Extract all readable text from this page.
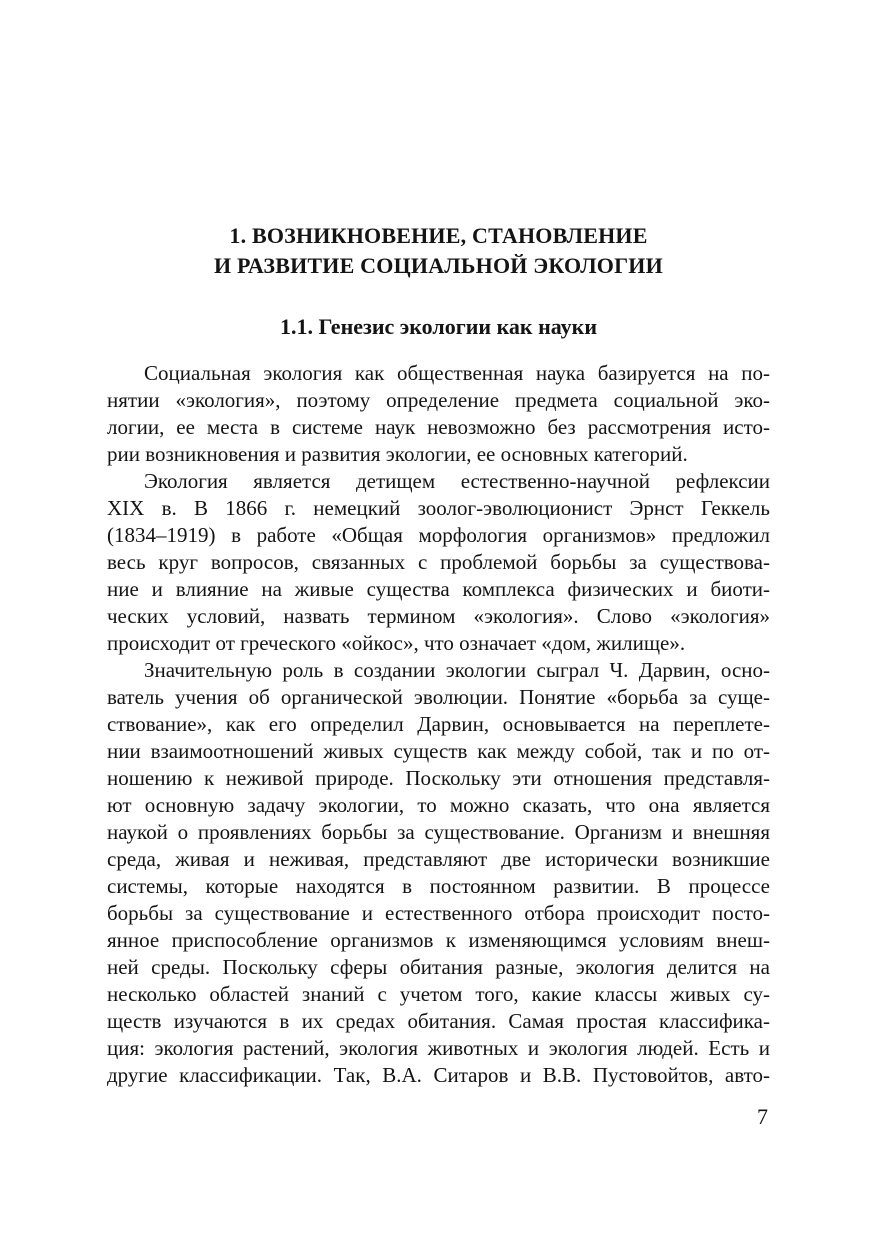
1. ВОЗНИКНОВЕНИЕ, СТАНОВЛЕНИЕ
И РАЗВИТИЕ СОЦИАЛЬНОЙ ЭКОЛОГИИ
1.1. Генезис экологии как науки
Социальная экология как общественная наука базируется на по-
нятии «экология», поэтому определение предмета социальной эко-
логии, ее места в системе наук невозможно без рассмотрения исто-
рии возникновения и развития экологии, ее основных категорий.
Экология является детищем естественно-научной рефлексии
XIX в. В 1866 г. немецкий зоолог-эволюционист Эрнст Геккель
(1834–1919) в работе «Общая морфология организмов» предложил
весь круг вопросов, связанных с проблемой борьбы за существова-
ние и влияние на живые существа комплекса физических и биоти-
ческих условий, назвать термином «экология». Слово «экология»
происходит от греческого «ойкос», что означает «дом, жилище».
Значительную роль в создании экологии сыграл Ч. Дарвин, осно-
ватель учения об органической эволюции. Понятие «борьба за суще-
ствование», как его определил Дарвин, основывается на переплете-
нии взаимоотношений живых существ как между собой, так и по от-
ношению к неживой природе. Поскольку эти отношения представля-
ют основную задачу экологии, то можно сказать, что она является
наукой о проявлениях борьбы за существование. Организм и внешняя
среда, живая и неживая, представляют две исторически возникшие
системы, которые находятся в постоянном развитии. В процессе
борьбы за существование и естественного отбора происходит посто-
янное приспособление организмов к изменяющимся условиям внеш-
ней среды. Поскольку сферы обитания разные, экология делится на
несколько областей знаний с учетом того, какие классы живых су-
ществ изучаются в их средах обитания. Самая простая классифика-
ция: экология растений, экология животных и экология людей. Есть и
другие классификации. Так, В.А. Ситаров и В.В. Пустовойтов, авто-
7
